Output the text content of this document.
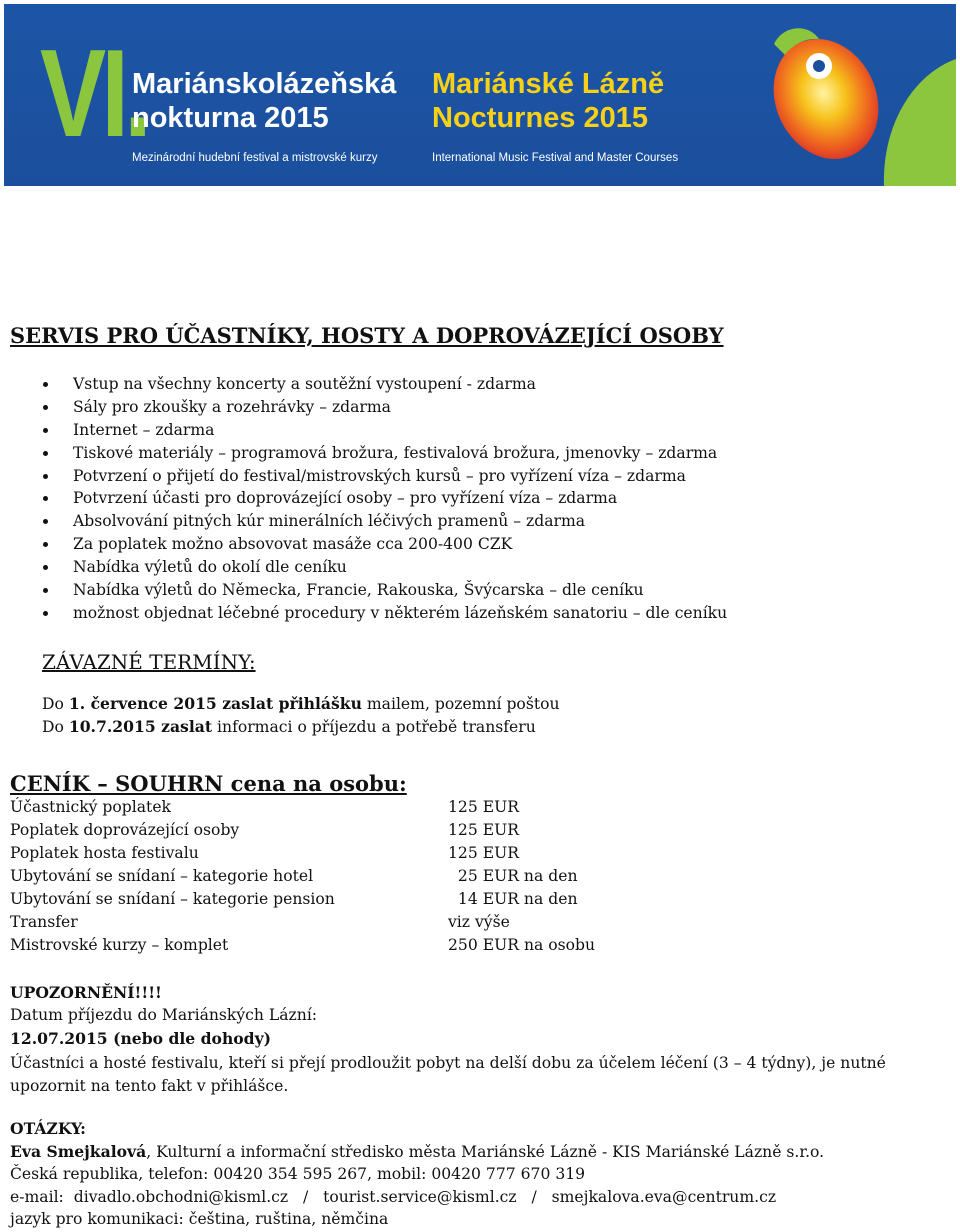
VI.
Mariánskolázeňská
nokturna 2015
Mezinárodní hudební festival a mistrovské kurzy
Mariánské Lázně
Nocturnes 2015
International Music Festival and Master Courses
SERVIS PRO ÚČASTNÍKY, HOSTY A DOPROVÁZEJÍCÍ OSOBY
Vstup na všechny koncerty a soutěžní vystoupení - zdarma
Sály pro zkoušky a rozehrávky – zdarma
Internet – zdarma
Tiskové materiály – programová brožura, festivalová brožura, jmenovky – zdarma
Potvrzení o přijetí do festival/mistrovských kursů – pro vyřízení víza – zdarma
Potvrzení účasti pro doprovázející osoby – pro vyřízení víza – zdarma
Absolvování pitných kúr minerálních léčivých pramenů – zdarma
Za poplatek možno absovovat masáže cca 200-400 CZK
Nabídka výletů do okolí dle ceníku
Nabídka výletů do Německa, Francie, Rakouska, Švýcarska – dle ceníku
možnost objednat léčebné procedury v některém lázeňském sanatoriu – dle ceníku
ZÁVAZNÉ TERMÍNY:
Do 1. července 2015 zaslat přihlášku mailem, pozemní poštou
Do 10.7.2015 zaslat informaci o příjezdu a potřebě transferu
CENÍK – SOUHRN cena na osobu:
Účastnický poplatek	125 EUR
Poplatek doprovázející osoby	125 EUR
Poplatek hosta festivalu	125 EUR
Ubytování se snídaní – kategorie hotel	25 EUR na den
Ubytování se snídaní – kategorie pension	14 EUR na den
Transfer	viz výše
Mistrovské kurzy – komplet	250 EUR na osobu
UPOZORNĚNÍ!!!!
Datum příjezdu do Mariánských Lázní:
12.07.2015 (nebo dle dohody)
Účastníci a hosté festivalu, kteří si přejí prodloužit pobyt na delší dobu za účelem léčení (3 – 4 týdny), je nutné upozornit na tento fakt v přihlášce.
OTÁZKY:
Eva Smejkalová, Kulturní a informační středisko města Mariánské Lázně - KIS Mariánské Lázně s.r.o.
Česká republika, telefon: 00420 354 595 267, mobil: 00420 777 670 319
e-mail:  divadlo.obchodni@kisml.cz   /   tourist.service@kisml.cz   /   smejkalova.eva@centrum.cz
jazyk pro komunikaci: čeština, ruština, němčina
